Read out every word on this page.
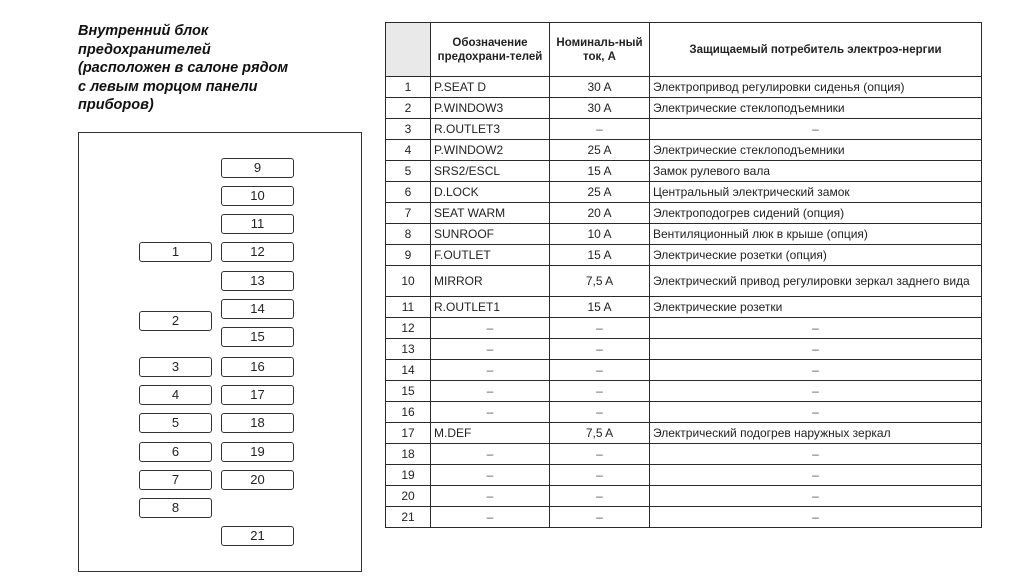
Внутренний блок
предохранителей
(расположен в салоне рядом
с левым торцом панели
приборов)
1
2
3
4
5
6
7
8
9
10
11
12
13
14
15
16
17
18
19
20
21
	Обозначение предохрани-телей	Номиналь-ный ток, А	Защищаемый потребитель электроэ-нергии
1	P.SEAT D	30 A	Электропривод регулировки сиденья (опция)
2	P.WINDOW3	30 A	Электрические стеклоподъемники
3	R.OUTLET3	–	–
4	P.WINDOW2	25 A	Электрические стеклоподъемники
5	SRS2/ESCL	15 A	Замок рулевого вала
6	D.LOCK	25 A	Центральный электрический замок
7	SEAT WARM	20 A	Электроподогрев сидений (опция)
8	SUNROOF	10 A	Вентиляционный люк в крыше (опция)
9	F.OUTLET	15 A	Электрические розетки (опция)
10	MIRROR	7,5 A	Электрический привод регулировки зеркал заднего вида
11	R.OUTLET1	15 A	Электрические розетки
12	–	–	–
13	–	–	–
14	–	–	–
15	–	–	–
16	–	–	–
17	M.DEF	7,5 A	Электрический подогрев наружных зеркал
18	–	–	–
19	–	–	–
20	–	–	–
21	–	–	–
